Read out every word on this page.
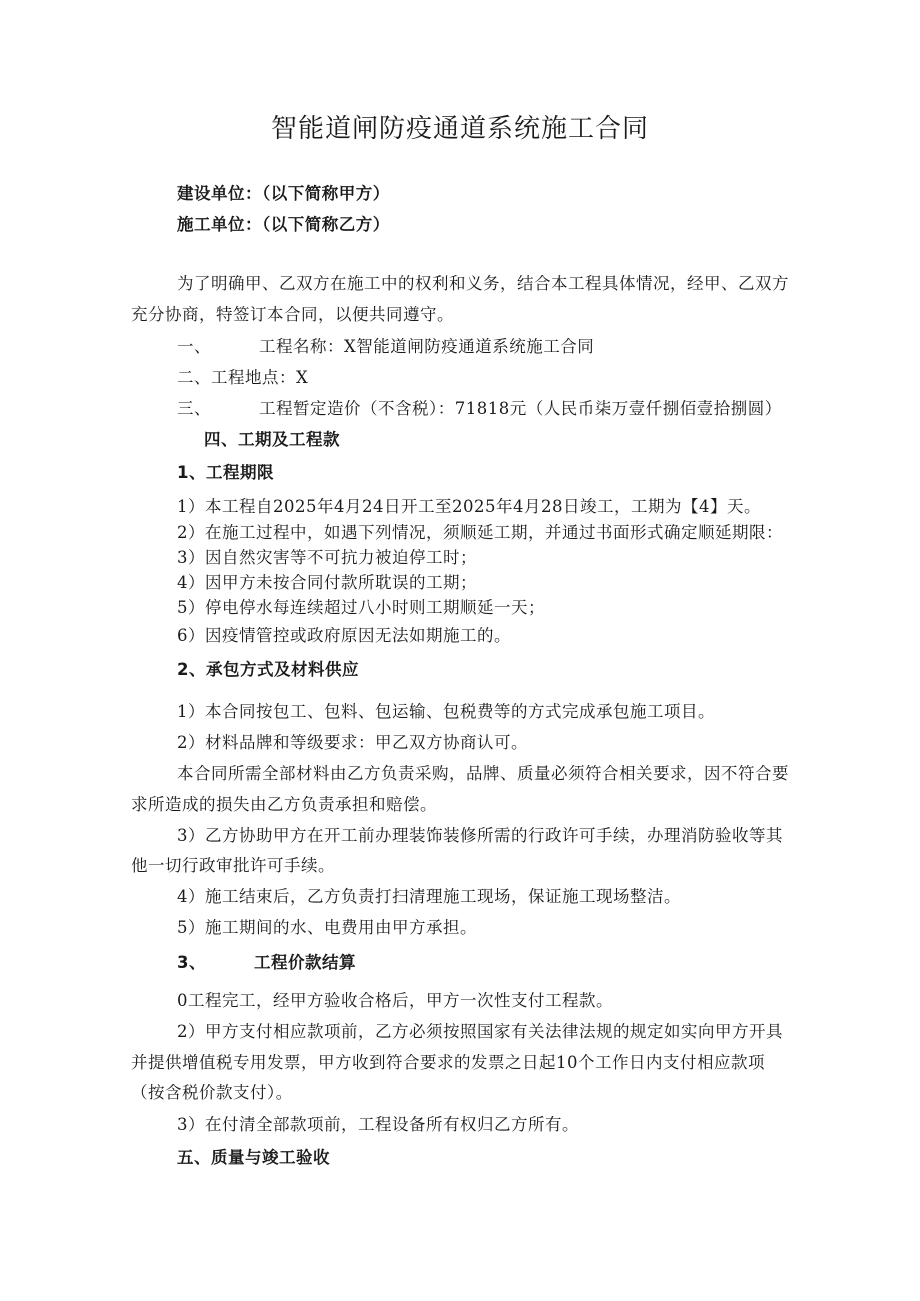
智能道闸防疫通道系统施工合同
建设单位：（以下简称甲方）
施工单位：（以下简称乙方）
为了明确甲、乙双方在施工中的权利和义务，结合本工程具体情况，经甲、乙双方
充分协商，特签订本合同，以便共同遵守。
一、	工程名称：X智能道闸防疫通道系统施工合同
二、工程地点：X
三、	工程暂定造价（不含税）：71818元（人民币柒万壹仟捌佰壹拾捌圆）
四、工期及工程款
1、工程期限
1）本工程自2025年4月24日开工至2025年4月28日竣工，工期为【4】天。
2）在施工过程中，如遇下列情况，须顺延工期，并通过书面形式确定顺延期限：
3）因自然灾害等不可抗力被迫停工时；
4）因甲方未按合同付款所耽误的工期；
5）停电停水每连续超过八小时则工期顺延一天；
6）因疫情管控或政府原因无法如期施工的。
2、承包方式及材料供应
1）本合同按包工、包料、包运输、包税费等的方式完成承包施工项目。
2）材料品牌和等级要求：甲乙双方协商认可。
本合同所需全部材料由乙方负责采购，品牌、质量必须符合相关要求，因不符合要
求所造成的损失由乙方负责承担和赔偿。
3）乙方协助甲方在开工前办理装饰装修所需的行政许可手续，办理消防验收等其
他一切行政审批许可手续。
4）施工结束后，乙方负责打扫清理施工现场，保证施工现场整洁。
5）施工期间的水、电费用由甲方承担。
3、	工程价款结算
0工程完工，经甲方验收合格后，甲方一次性支付工程款。
2）甲方支付相应款项前，乙方必须按照国家有关法律法规的规定如实向甲方开具
并提供增值税专用发票，甲方收到符合要求的发票之日起10个工作日内支付相应款项
（按含税价款支付）。
3）在付清全部款项前，工程设备所有权归乙方所有。
五、质量与竣工验收
